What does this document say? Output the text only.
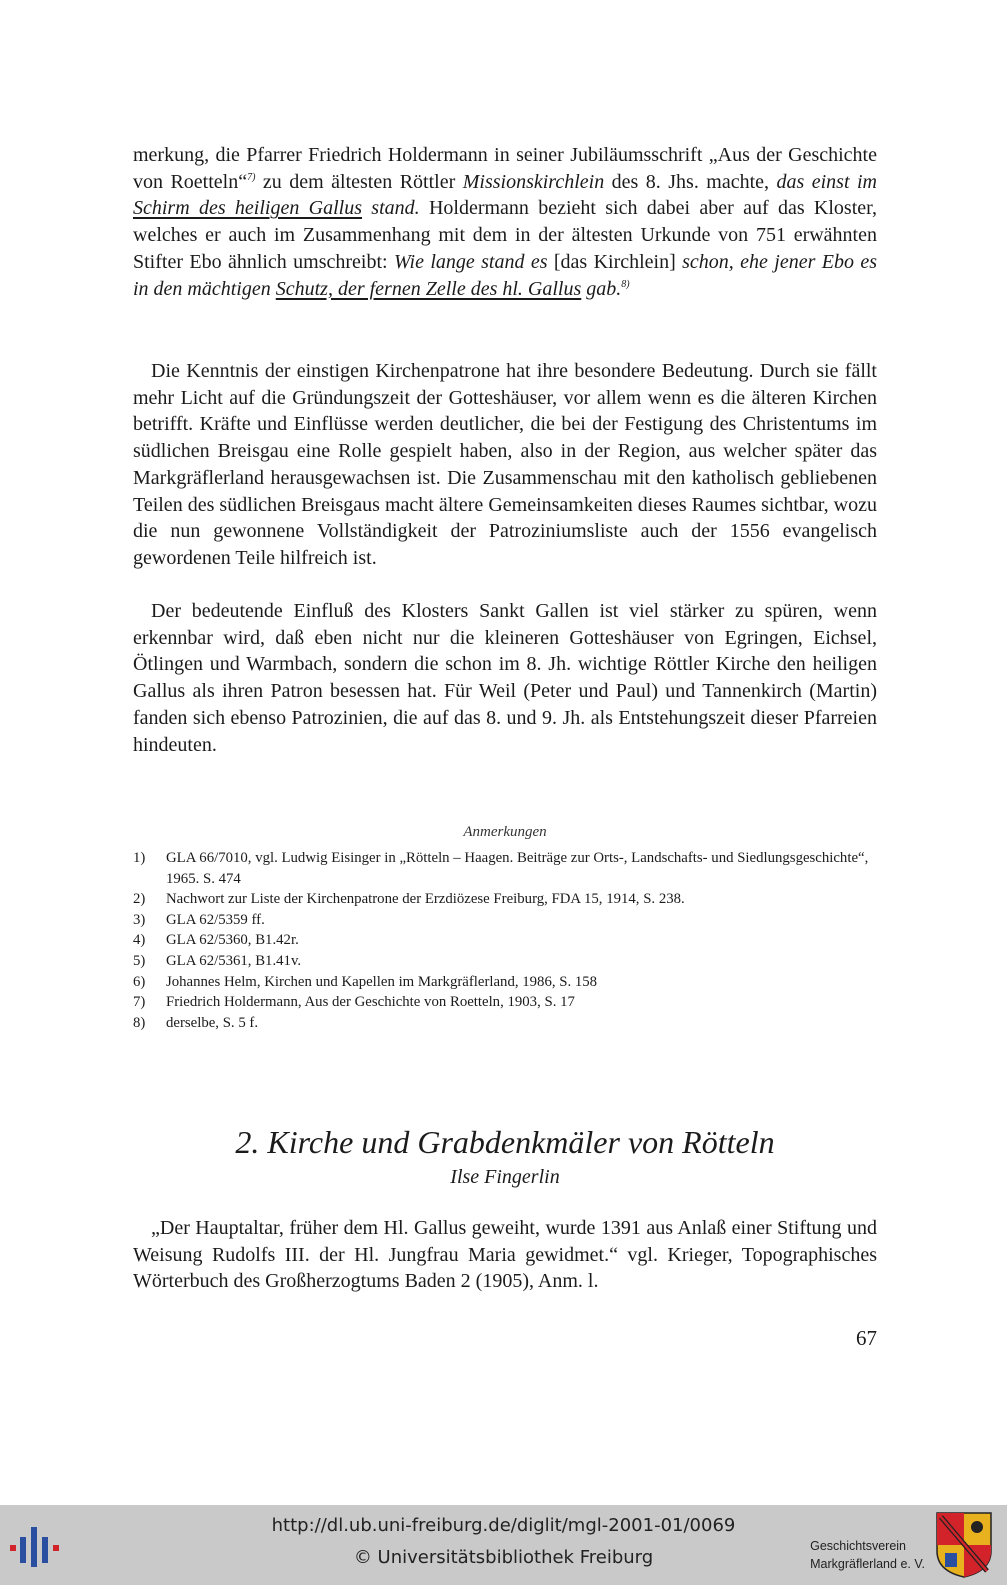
merkung, die Pfarrer Friedrich Holdermann in seiner Jubiläumsschrift „Aus der Geschichte von Roetteln“$^{7)}$ zu dem ältesten Röttler Missionskirchlein des 8. Jhs. machte, das einst im Schirm des heiligen Gallus stand. Holdermann bezieht sich dabei aber auf das Kloster, welches er auch im Zusammenhang mit dem in der ältesten Urkunde von 751 erwähnten Stifter Ebo ähnlich umschreibt: Wie lange stand es [das Kirchlein] schon, ehe jener Ebo es in den mächtigen Schutz, der fernen Zelle des hl. Gallus gab.$^{8)}$

Die Kenntnis der einstigen Kirchenpatrone hat ihre besondere Bedeutung. Durch sie fällt mehr Licht auf die Gründungszeit der Gotteshäuser, vor allem wenn es die älteren Kirchen betrifft. Kräfte und Einflüsse werden deutlicher, die bei der Festigung des Christentums im südlichen Breisgau eine Rolle gespielt haben, also in der Region, aus welcher später das Markgräflerland herausgewachsen ist. Die Zusammenschau mit den katholisch gebliebenen Teilen des südlichen Breisgaus macht ältere Gemeinsamkeiten dieses Raumes sichtbar, wozu die nun gewonnene Vollständigkeit der Patroziniumsliste auch der 1556 evangelisch gewordenen Teile hilfreich ist.

Der bedeutende Einfluß des Klosters Sankt Gallen ist viel stärker zu spüren, wenn erkennbar wird, daß eben nicht nur die kleineren Gotteshäuser von Egringen, Eichsel, Ötlingen und Warmbach, sondern die schon im 8. Jh. wichtige Röttler Kirche den heiligen Gallus als ihren Patron besessen hat. Für Weil (Peter und Paul) und Tannenkirch (Martin) fanden sich ebenso Patrozinien, die auf das 8. und 9. Jh. als Entstehungszeit dieser Pfarreien hindeuten.

Anmerkungen
1)	GLA 66/7010, vgl. Ludwig Eisinger in „Rötteln – Haagen. Beiträge zur Orts-, Landschafts- und Siedlungsgeschichte“, 1965. S. 474
2)	Nachwort zur Liste der Kirchenpatrone der Erzdiözese Freiburg, FDA 15, 1914, S. 238.
3)	GLA 62/5359 ff.
4)	GLA 62/5360, B1.42r.
5)	GLA 62/5361, B1.41v.
6)	Johannes Helm, Kirchen und Kapellen im Markgräflerland, 1986, S. 158
7)	Friedrich Holdermann, Aus der Geschichte von Roetteln, 1903, S. 17
8)	derselbe, S. 5 f.
2. Kirche und Grabdenkmäler von Rötteln
Ilse Fingerlin

„Der Hauptaltar, früher dem Hl. Gallus geweiht, wurde 1391 aus Anlaß einer Stiftung und Weisung Rudolfs III. der Hl. Jungfrau Maria gewidmet.“ vgl. Krieger, Topographisches Wörterbuch des Großherzogtums Baden 2 (1905), Anm. l.

67
http://dl.ub.uni-freiburg.de/diglit/mgl-2001-01/0069
© Universitätsbibliothek Freiburg
Geschichtsverein
Markgräflerland e. V.
